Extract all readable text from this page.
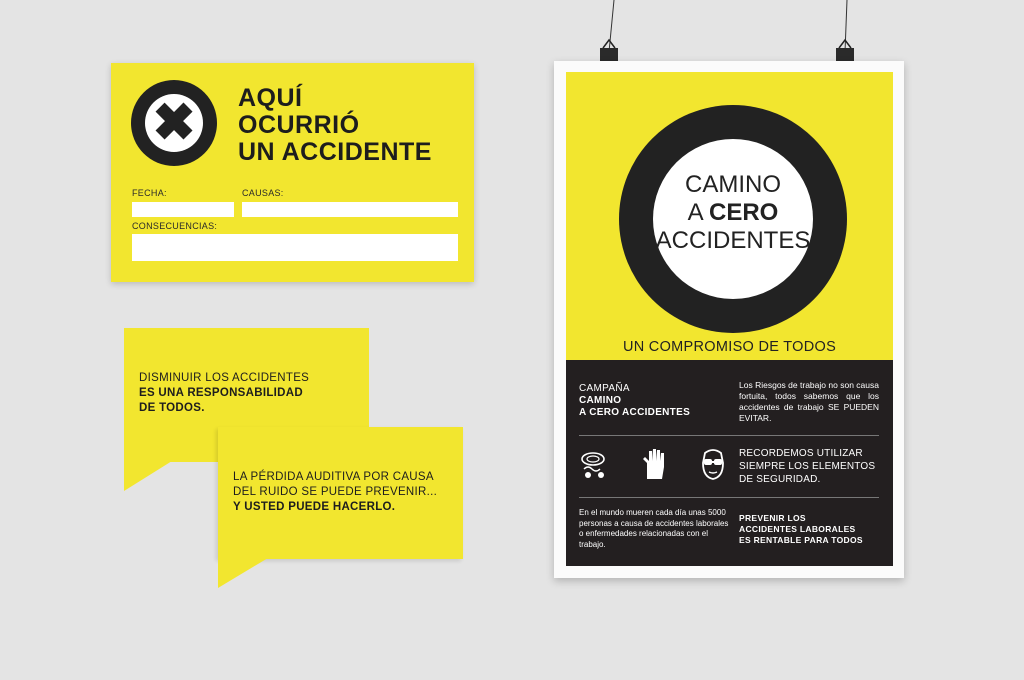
✖ AQUÍ
OCURRIÓ
UN ACCIDENTE
FECHA:	CAUSAS:
CONSECUENCIAS:
DISMINUIR LOS ACCIDENTES
ES UNA RESPONSABILIDAD
DE TODOS.
LA PÉRDIDA AUDITIVA POR CAUSA
DEL RUIDO SE PUEDE PREVENIR...
Y USTED PUEDE HACERLO.
CAMINO
A CERO
ACCIDENTES
UN COMPROMISO DE TODOS
CAMPAÑA
CAMINO
A CERO ACCIDENTES
Los Riesgos de trabajo no son causa fortuita, todos sabemos que los accidentes de trabajo SE PUEDEN EVITAR.
RECORDEMOS UTILIZAR SIEMPRE LOS ELEMENTOS DE SEGURIDAD.
En el mundo mueren cada día unas 5000 personas a causa de accidentes laborales o enfermedades relacionadas con el trabajo.
PREVENIR LOS
ACCIDENTES LABORALES
ES RENTABLE PARA TODOS
